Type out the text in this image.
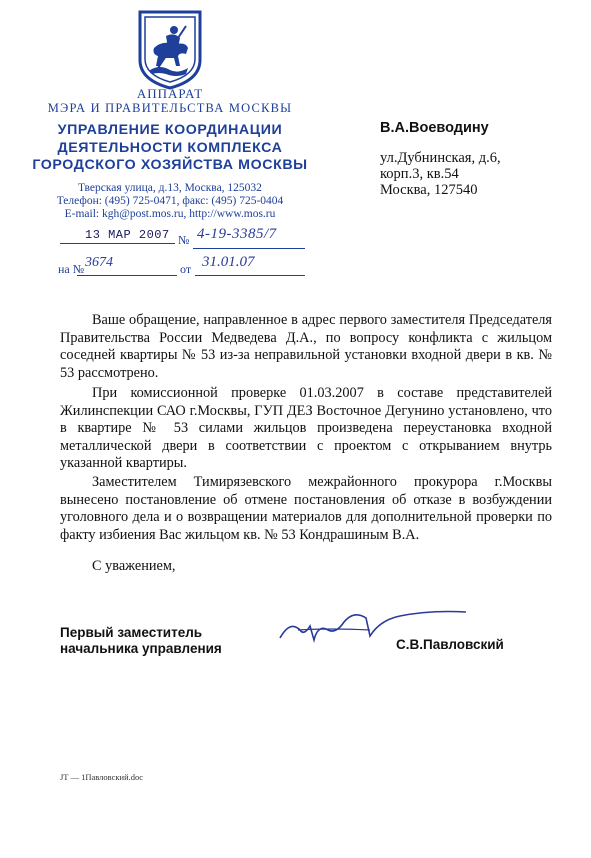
АППАРАТ
МЭРА И ПРАВИТЕЛЬСТВА МОСКВЫ
УПРАВЛЕНИЕ КООРДИНАЦИИ
ДЕЯТЕЛЬНОСТИ КОМПЛЕКСА
ГОРОДСКОГО ХОЗЯЙСТВА МОСКВЫ
Тверская улица, д.13, Москва, 125032
Телефон: (495) 725-0471, факс: (495) 725-0404
E-mail: kgh@post.mos.ru, http://www.mos.ru
13 МАР 2007 № 4-19-3385/7
на № 3674	от 31.01.07
В.А.Воеводину
ул.Дубнинская, д.6,
корп.3, кв.54
Москва, 127540
Ваше обращение, направленное в адрес первого заместителя Председателя Правительства России Медведева Д.А., по вопросу конфликта с жильцом соседней квартиры № 53 из-за неправильной установки входной двери в кв. № 53 рассмотрено.
При комиссионной проверке 01.03.2007 в составе представителей Жилинспекции САО г.Москвы, ГУП ДЕЗ Восточное Дегунино установлено, что в квартире № 53 силами жильцов произведена переустановка входной металлической двери в соответствии с проектом с открыванием внутрь указанной квартиры.
Заместителем Тимирязевского межрайонного прокурора г.Москвы вынесено постановление об отмене постановления об отказе в возбуждении уголовного дела и о возвращении материалов для дополнительной проверки по факту избиения Вас жильцом кв. № 53 Кондрашиным В.А.
С уважением,
Первый заместитель
начальника управления	С.В.Павловский
JT — 1Павловский.doc
